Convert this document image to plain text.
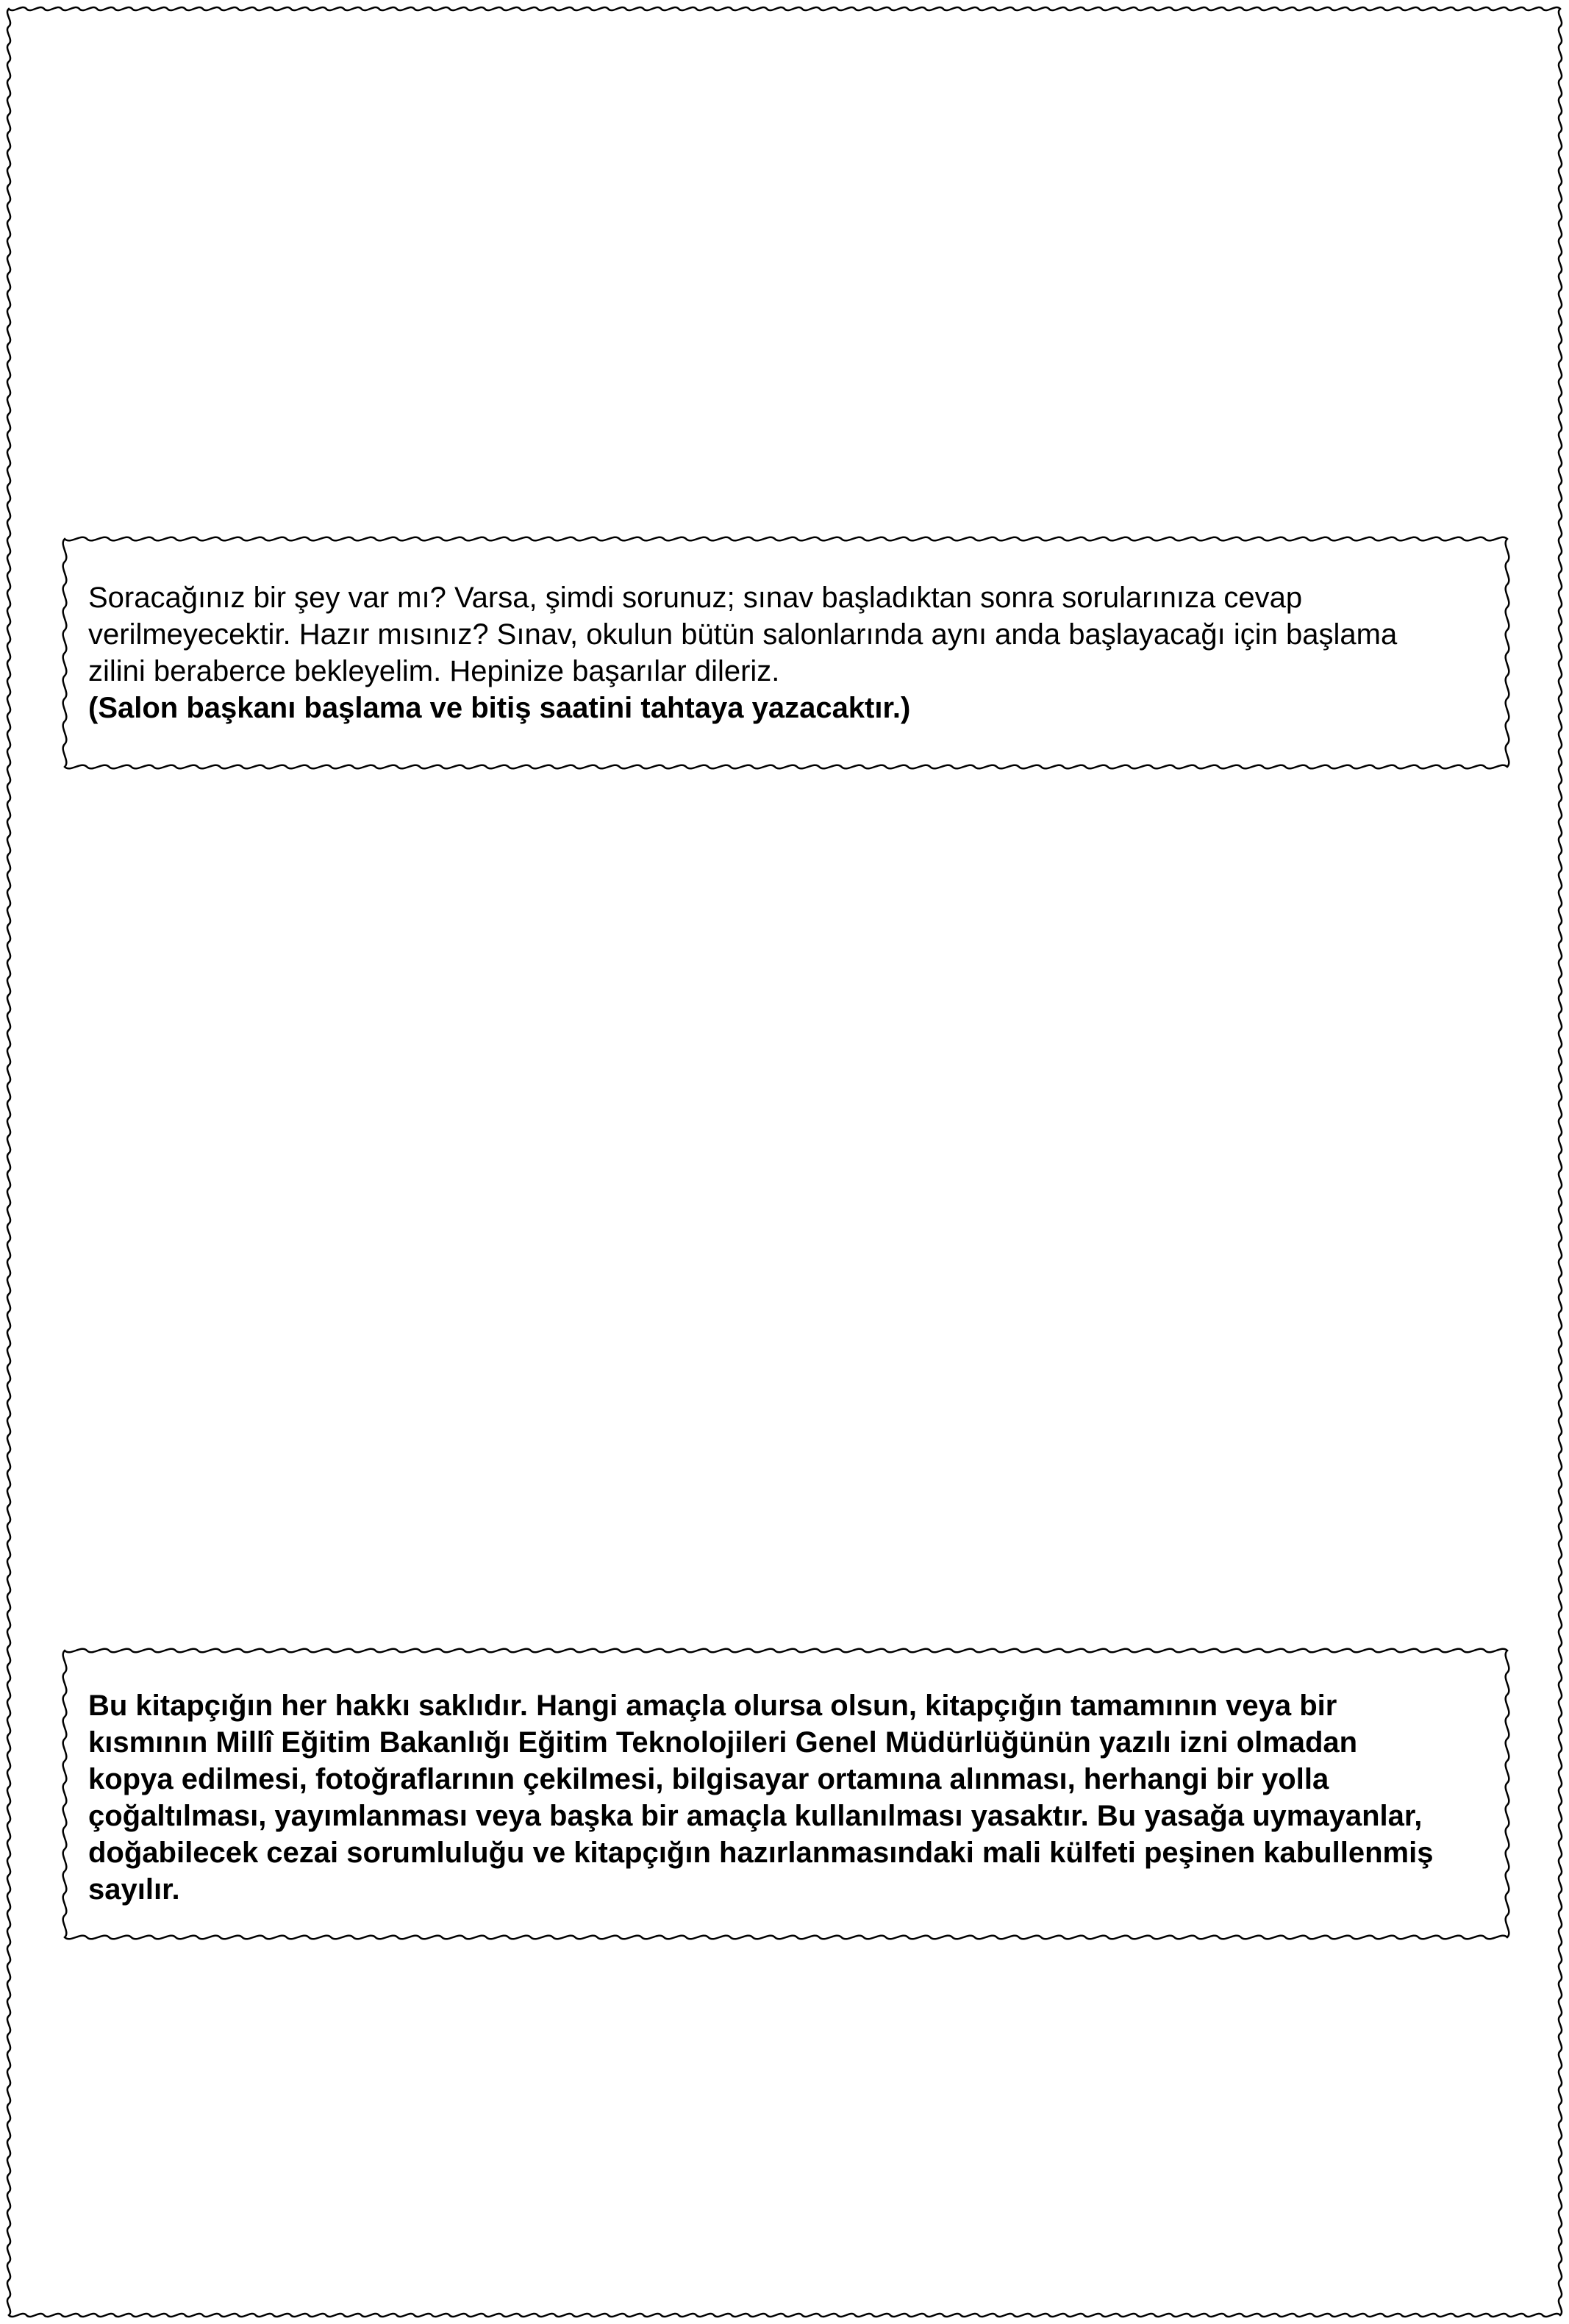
Soracağınız bir şey var mı? Varsa, şimdi sorunuz; sınav başladıktan sonra sorularınıza cevap
verilmeyecektir. Hazır mısınız? Sınav, okulun bütün salonlarında aynı anda başlayacağı için başlama
zilini beraberce bekleyelim. Hepinize başarılar dileriz.
(Salon başkanı başlama ve bitiş saatini tahtaya yazacaktır.)
Bu kitapçığın her hakkı saklıdır. Hangi amaçla olursa olsun, kitapçığın tamamının veya bir
kısmının Millî Eğitim Bakanlığı Eğitim Teknolojileri Genel Müdürlüğünün yazılı izni olmadan
kopya edilmesi, fotoğraflarının çekilmesi, bilgisayar ortamına alınması, herhangi bir yolla
çoğaltılması, yayımlanması veya başka bir amaçla kullanılması yasaktır. Bu yasağa uymayanlar,
doğabilecek cezai sorumluluğu ve kitapçığın hazırlanmasındaki mali külfeti peşinen kabullenmiş
sayılır.
